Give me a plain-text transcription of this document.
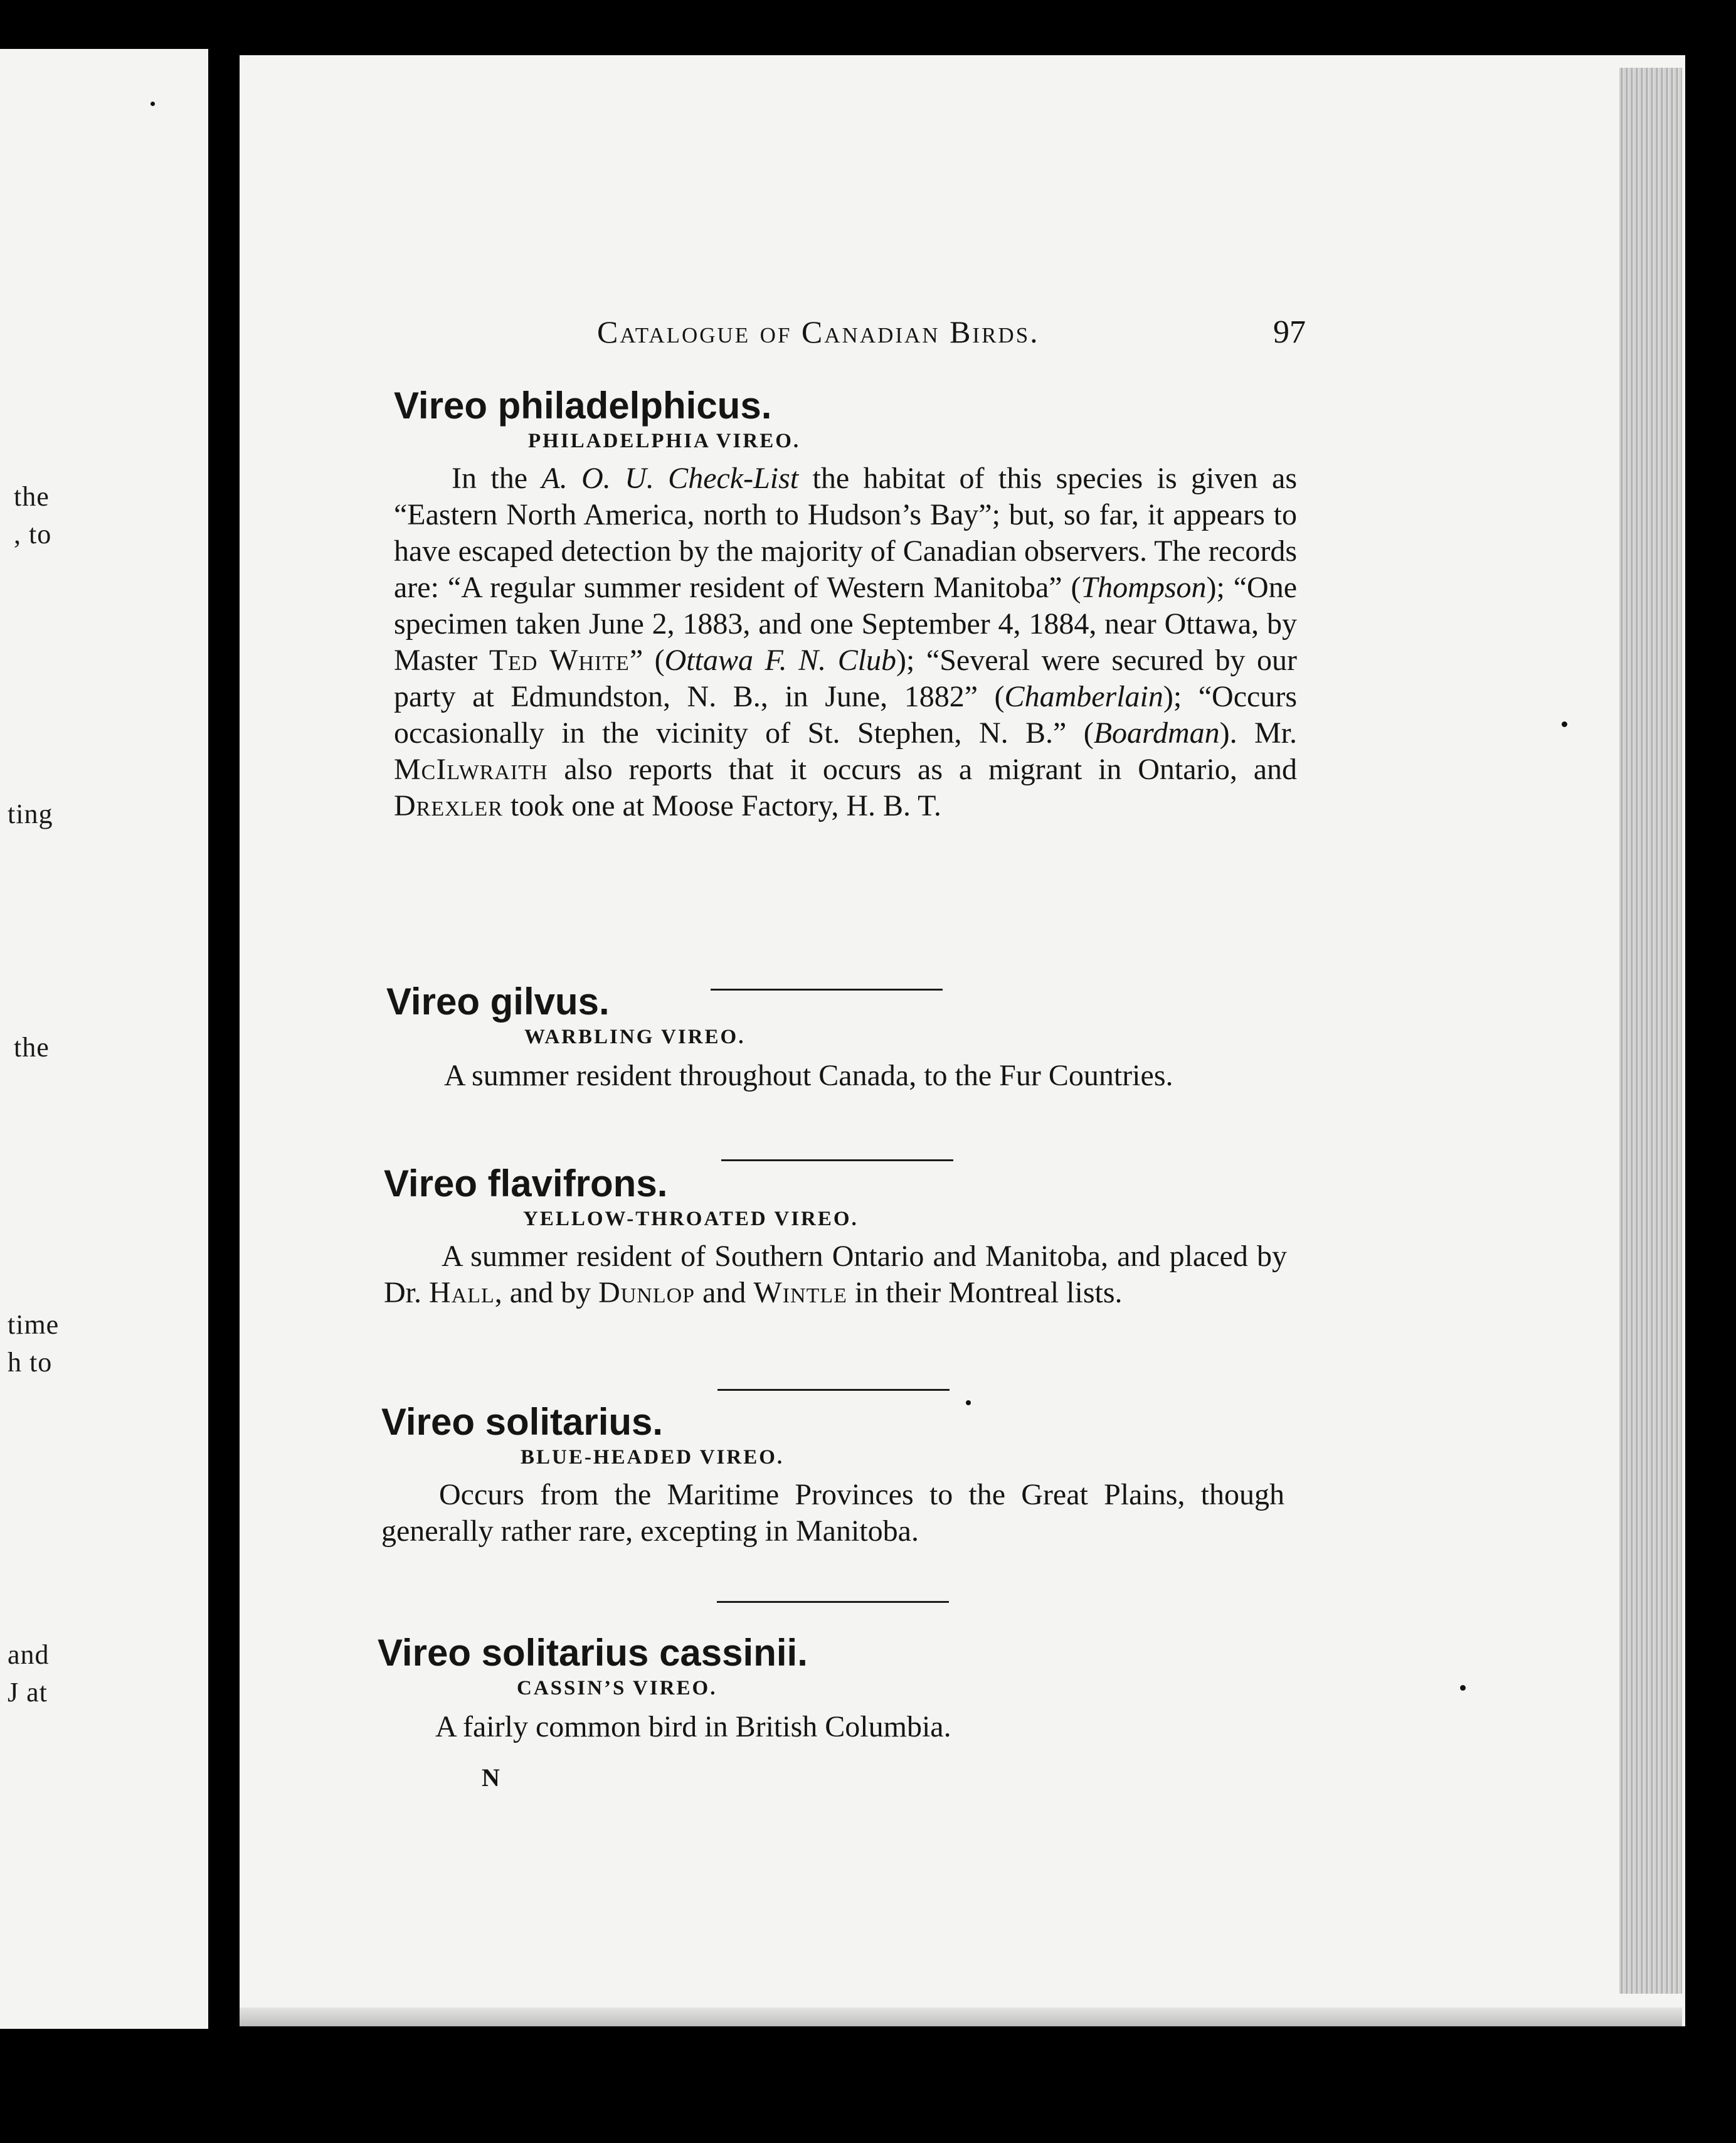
the
, to
ting
the
time
h to
and
J at
Catalogue of Canadian Birds.	97
Vireo philadelphicus.
PHILADELPHIA VIREO.
In the A. O. U. Check-List the habitat of this species is given as “Eastern North America, north to Hudson’s Bay”; but, so far, it appears to have escaped detection by the majority of Canadian observers. The records are: “A regular summer resident of Western Manitoba” (Thompson); “One specimen taken June 2, 1883, and one September 4, 1884, near Ottawa, by Master Ted White” (Ottawa F. N. Club); “Several were secured by our party at Edmundston, N. B., in June, 1882” (Chamberlain); “Occurs occasionally in the vicinity of St. Stephen, N. B.” (Boardman). Mr. McIlwraith also reports that it occurs as a migrant in Ontario, and Drexler took one at Moose Factory, H. B. T.
Vireo gilvus.
WARBLING VIREO.
A summer resident throughout Canada, to the Fur Countries.
Vireo flavifrons.
YELLOW-THROATED VIREO.
A summer resident of Southern Ontario and Manitoba, and placed by Dr. Hall, and by Dunlop and Wintle in their Montreal lists.
Vireo solitarius.
BLUE-HEADED VIREO.
Occurs from the Maritime Provinces to the Great Plains, though generally rather rare, excepting in Manitoba.
Vireo solitarius cassinii.
CASSIN’S VIREO.
A fairly common bird in British Columbia.
N
